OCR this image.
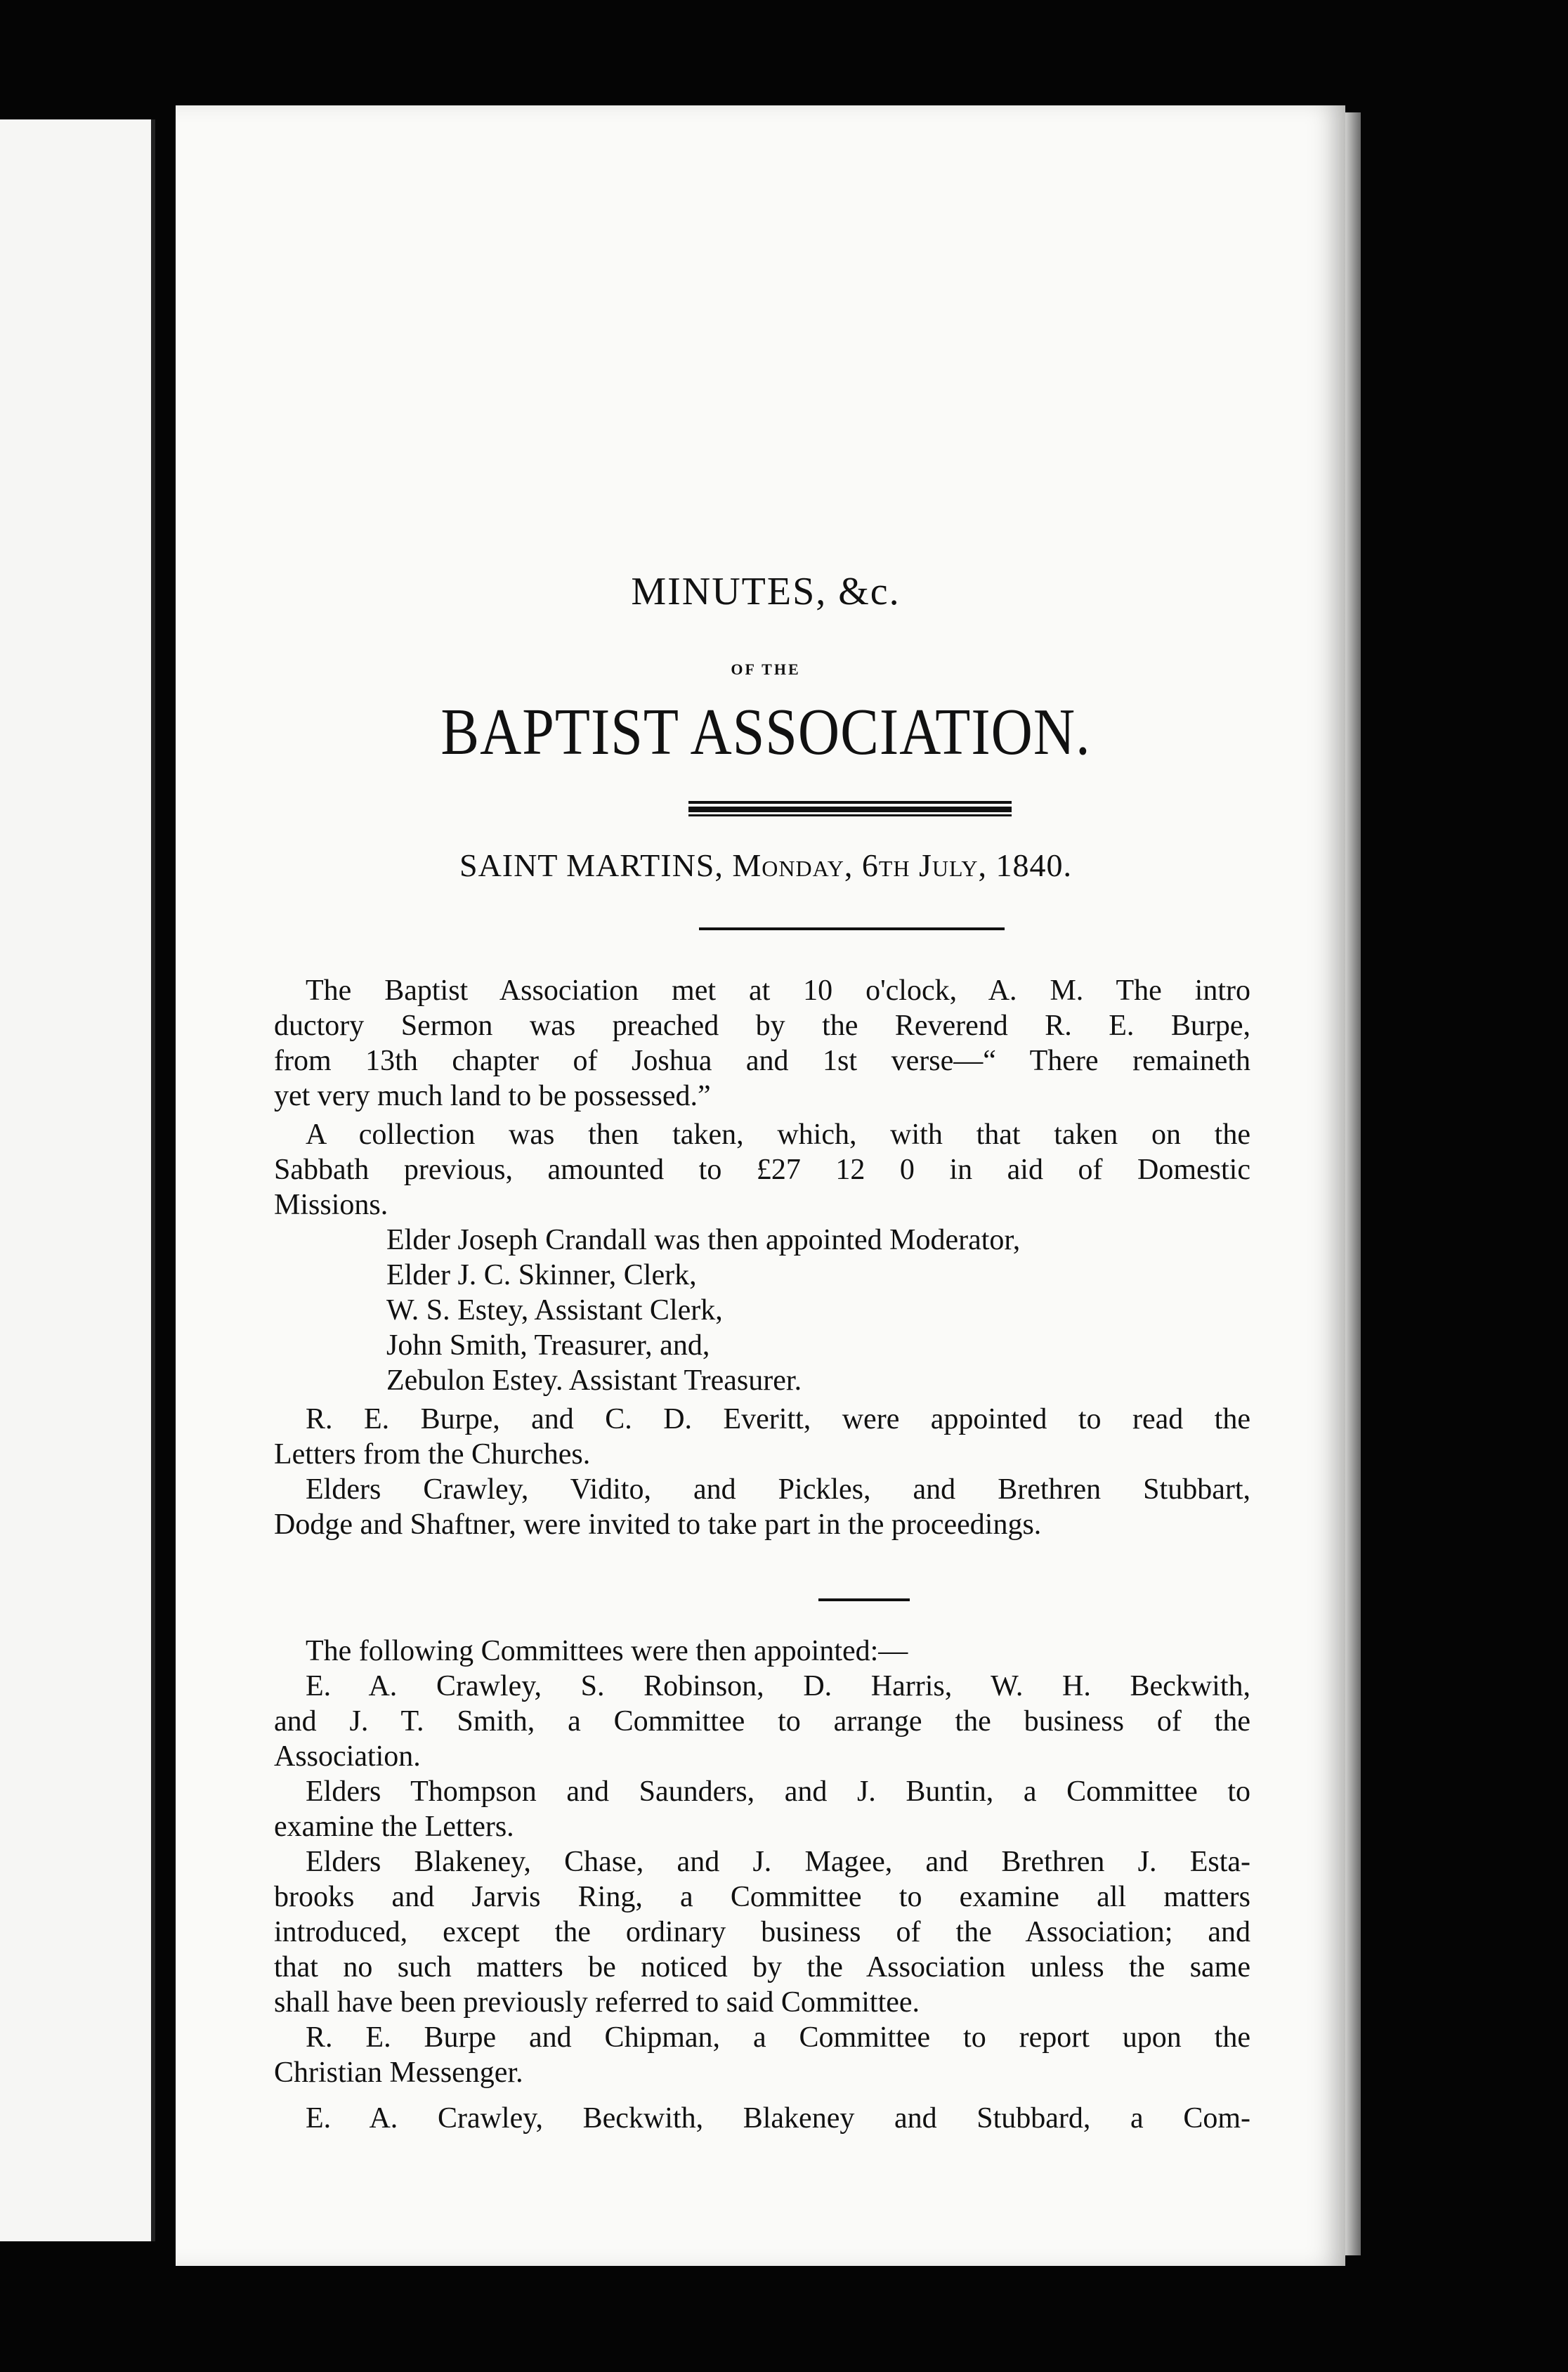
MINUTES, &c.
OF THE
BAPTIST ASSOCIATION.
SAINT MARTINS, Monday, 6th July, 1840.
The Baptist Association met at 10 o'clock, A. M. The intro
ductory Sermon was preached by the Reverend R. E. Burpe,
from 13th chapter of Joshua and 1st verse—“ There remaineth
yet very much land to be possessed.”
A collection was then taken, which, with that taken on the
Sabbath previous, amounted to £27 12 0 in aid of Domestic
Missions.
Elder Joseph Crandall was then appointed Moderator,
Elder J. C. Skinner, Clerk,
W. S. Estey, Assistant Clerk,
John Smith, Treasurer, and,
Zebulon Estey. Assistant Treasurer.
R. E. Burpe, and C. D. Everitt, were appointed to read the
Letters from the Churches.
Elders Crawley, Vidito, and Pickles, and Brethren Stubbart,
Dodge and Shaftner, were invited to take part in the proceedings.
The following Committees were then appointed:—
E. A. Crawley, S. Robinson, D. Harris, W. H. Beckwith,
and J. T. Smith, a Committee to arrange the business of the
Association.
Elders Thompson and Saunders, and J. Buntin, a Committee to
examine the Letters.
Elders Blakeney, Chase, and J. Magee, and Brethren J. Esta-
brooks and Jarvis Ring, a Committee to examine all matters
introduced, except the ordinary business of the Association; and
that no such matters be noticed by the Association unless the same
shall have been previously referred to said Committee.
R. E. Burpe and Chipman, a Committee to report upon the
Christian Messenger.
E. A. Crawley, Beckwith, Blakeney and Stubbard, a Com-
